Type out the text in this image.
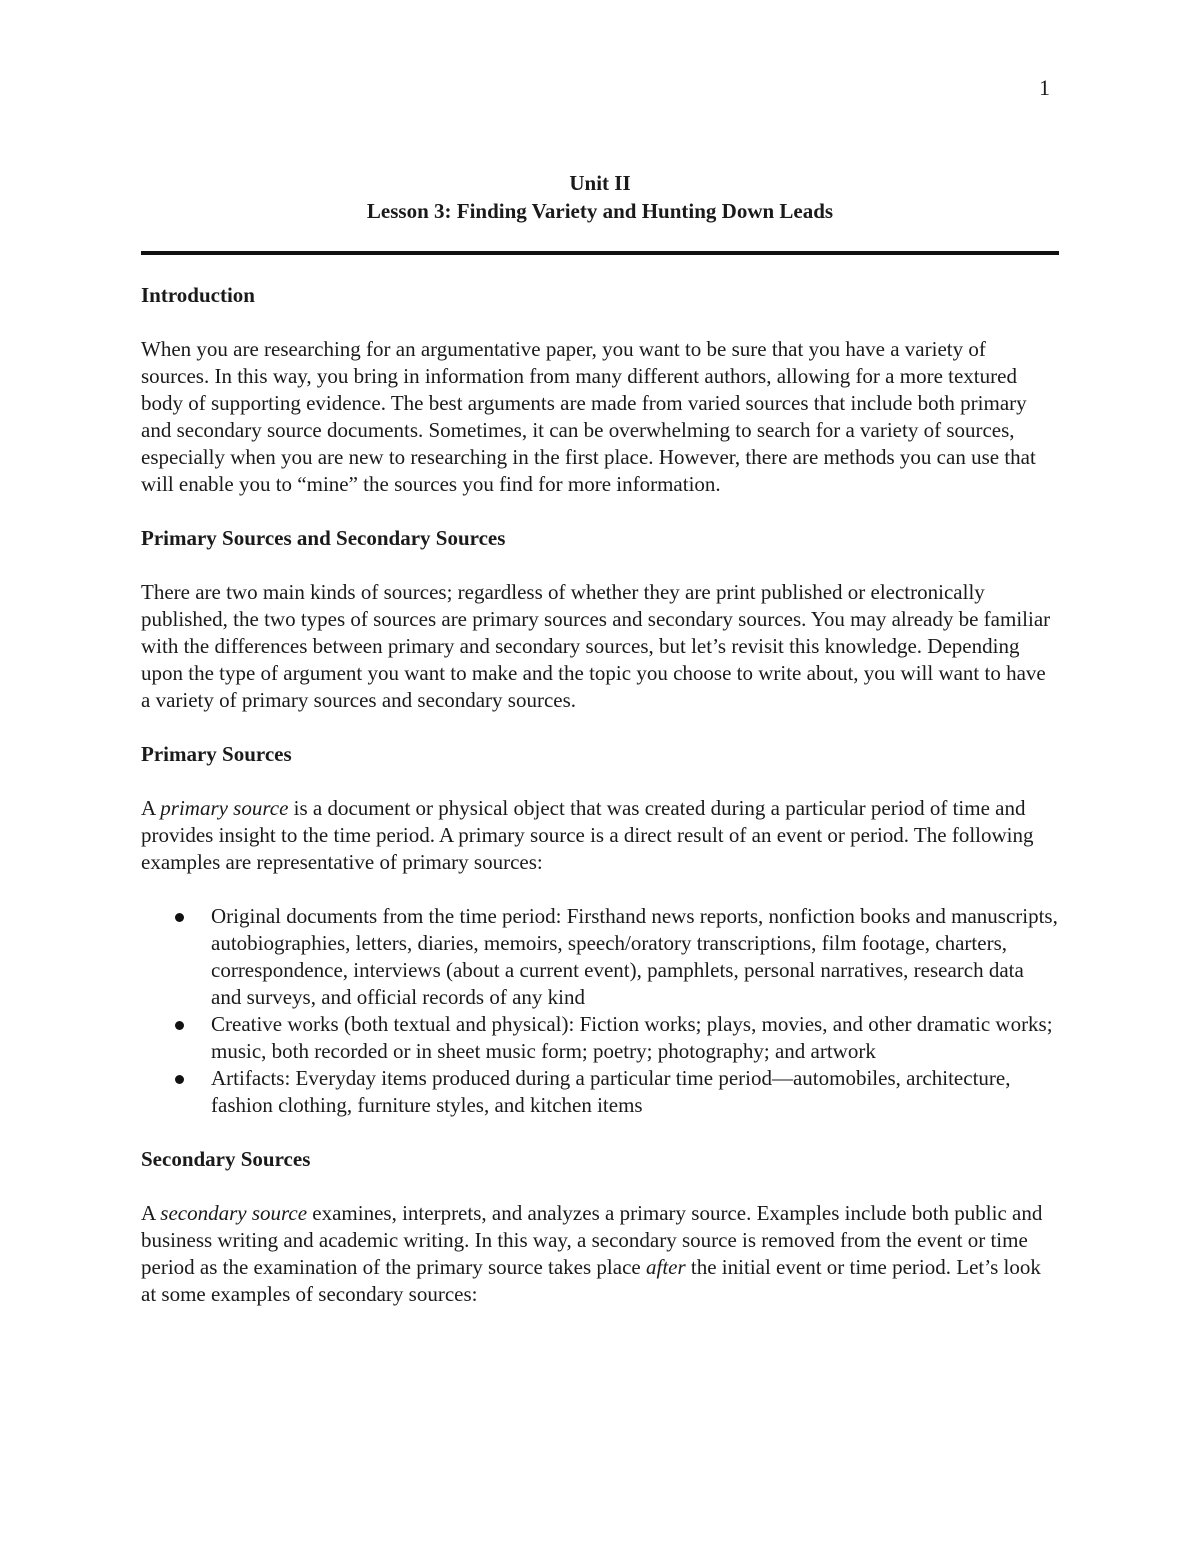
1
Unit II
Lesson 3: Finding Variety and Hunting Down Leads
Introduction

When you are researching for an argumentative paper, you want to be sure that you have a variety of sources. In this way, you bring in information from many different authors, allowing for a more textured body of supporting evidence. The best arguments are made from varied sources that include both primary and secondary source documents. Sometimes, it can be overwhelming to search for a variety of sources, especially when you are new to researching in the first place. However, there are methods you can use that will enable you to “mine” the sources you find for more information.

Primary Sources and Secondary Sources

There are two main kinds of sources; regardless of whether they are print published or electronically published, the two types of sources are primary sources and secondary sources. You may already be familiar with the differences between primary and secondary sources, but let’s revisit this knowledge. Depending upon the type of argument you want to make and the topic you choose to write about, you will want to have a variety of primary sources and secondary sources.

Primary Sources

A primary source is a document or physical object that was created during a particular period of time and provides insight to the time period. A primary source is a direct result of an event or period. The following examples are representative of primary sources:

Original documents from the time period: Firsthand news reports, nonfiction books and manuscripts, autobiographies, letters, diaries, memoirs, speech/oratory transcriptions, film footage, charters, correspondence, interviews (about a current event), pamphlets, personal narratives, research data and surveys, and official records of any kind
Creative works (both textual and physical): Fiction works; plays, movies, and other dramatic works; music, both recorded or in sheet music form; poetry; photography; and artwork
Artifacts: Everyday items produced during a particular time period—automobiles, architecture, fashion clothing, furniture styles, and kitchen items
Secondary Sources

A secondary source examines, interprets, and analyzes a primary source. Examples include both public and business writing and academic writing. In this way, a secondary source is removed from the event or time period as the examination of the primary source takes place after the initial event or time period. Let’s look at some examples of secondary sources:
